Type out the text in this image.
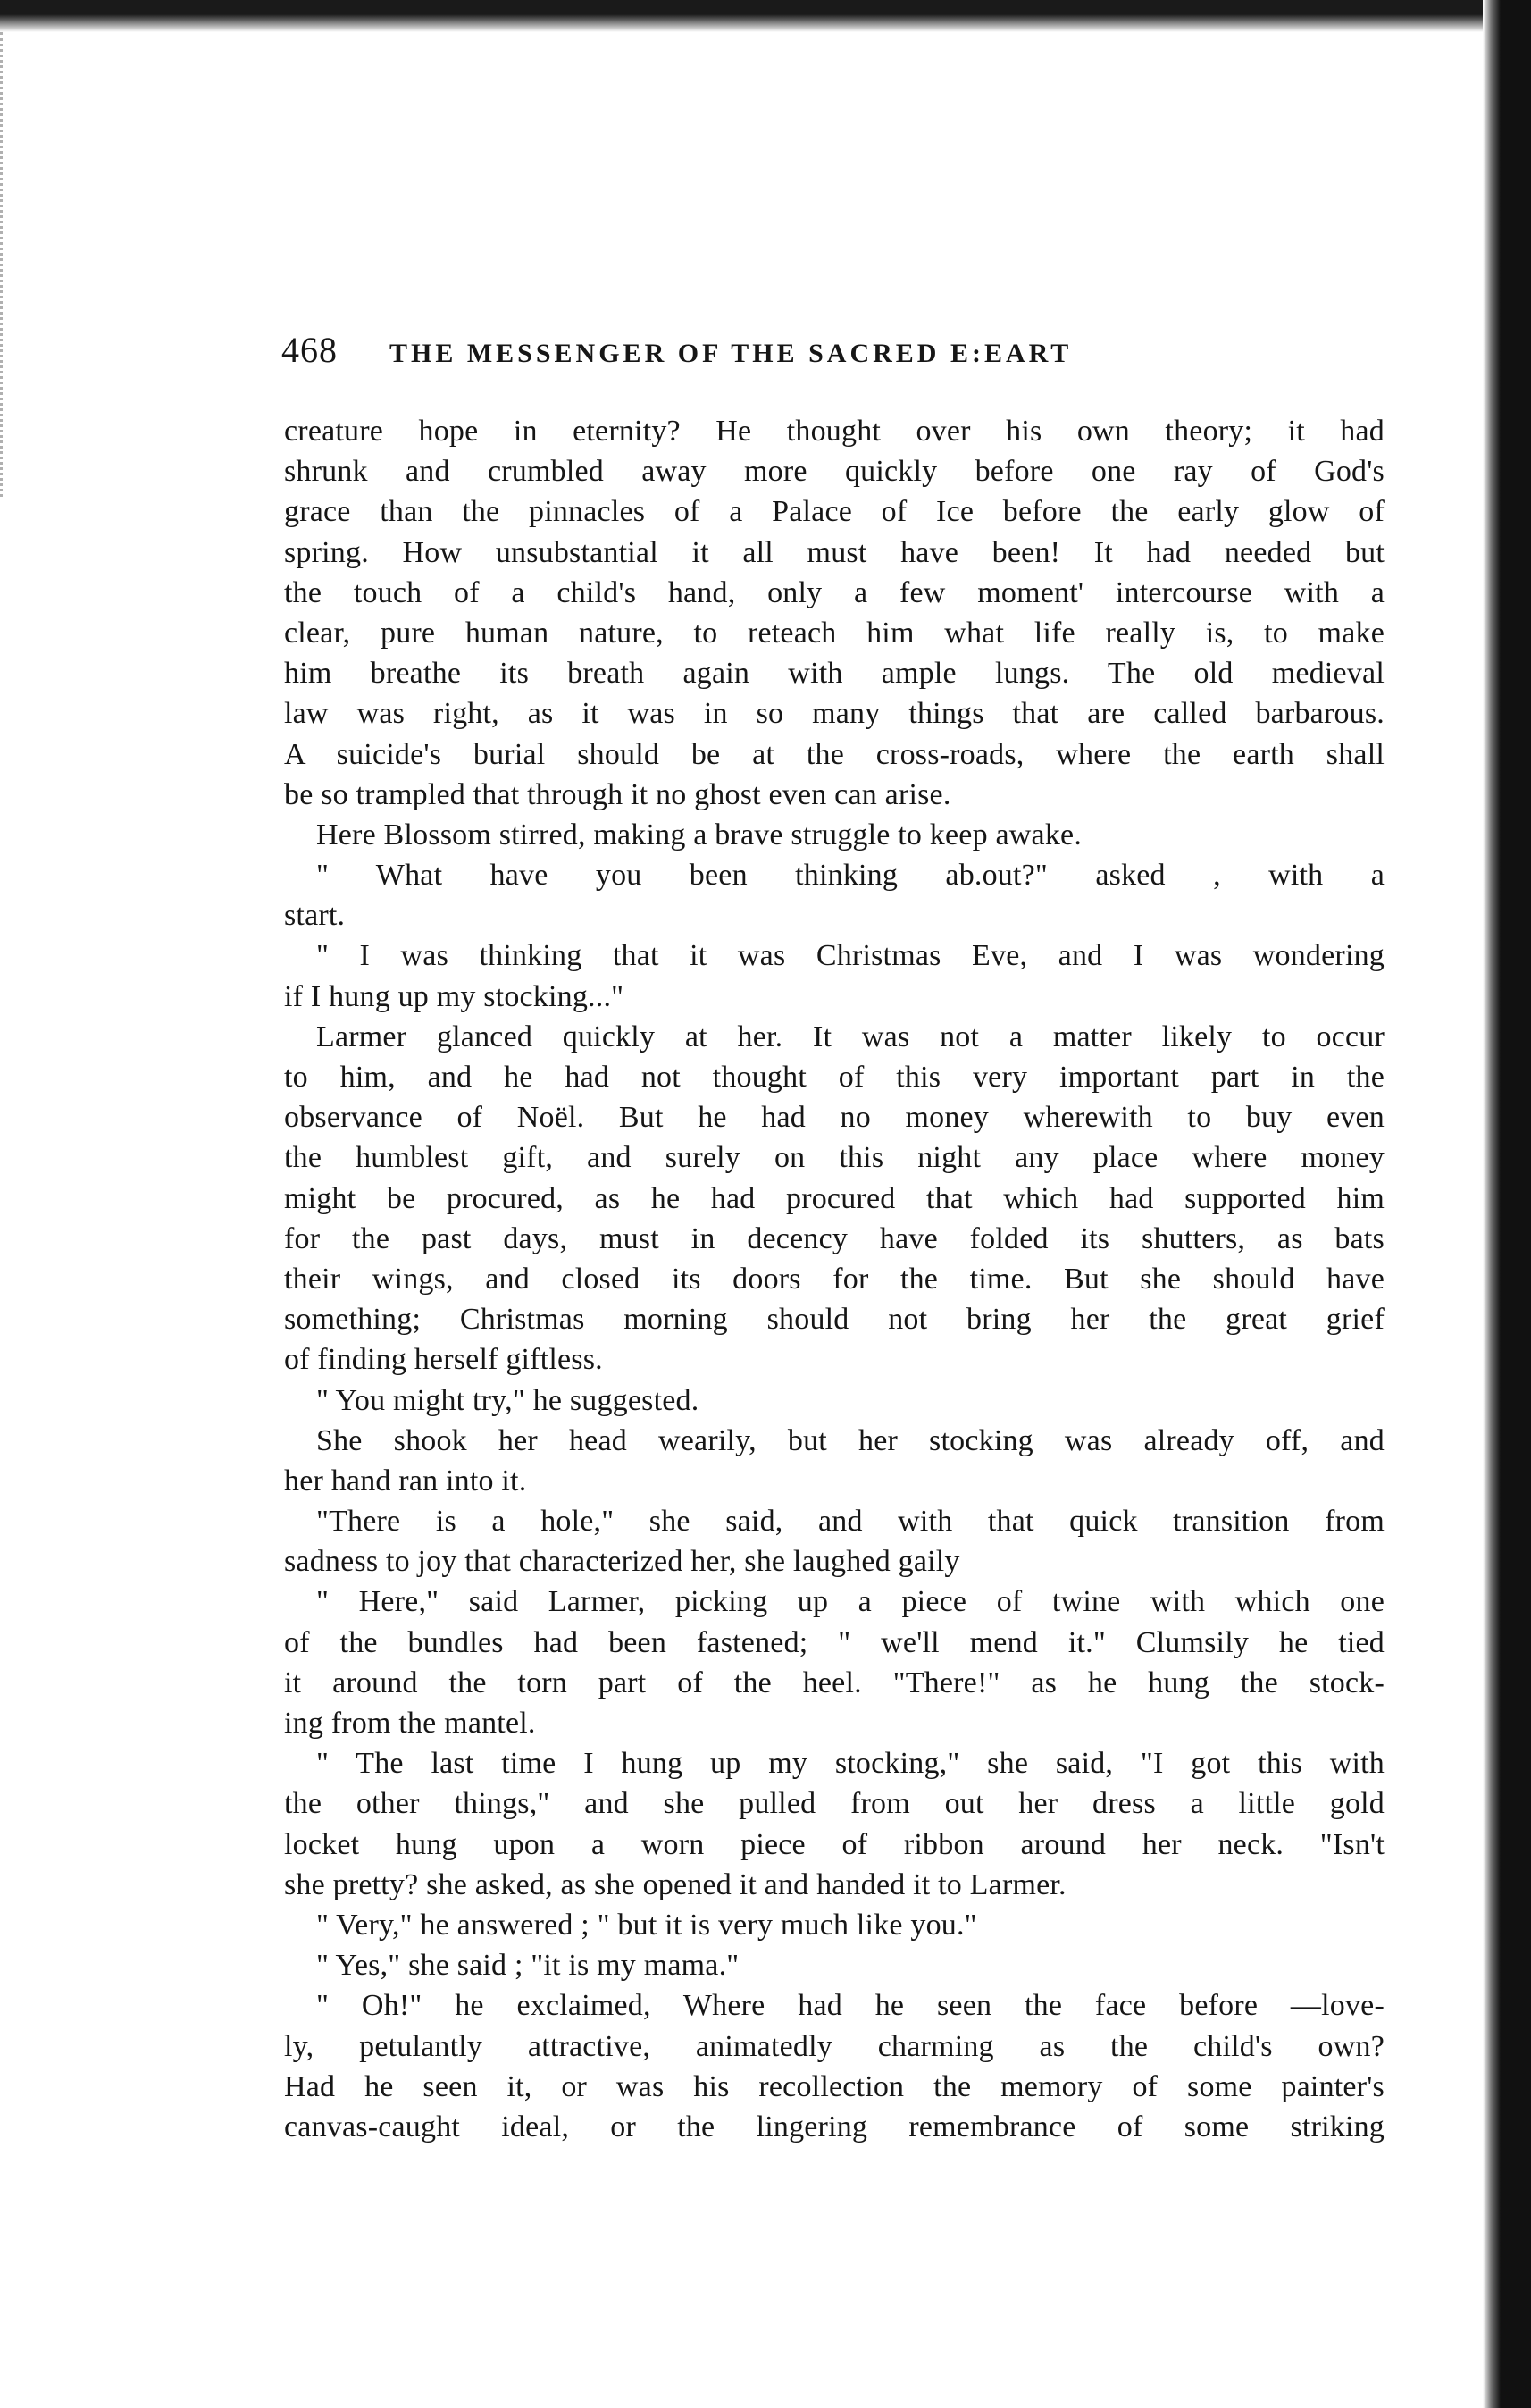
468 THE MESSENGER OF THE SACRED E:EART
creature hope in eternity? He thought over his own theory; it had
shrunk and crumbled away more quickly before one ray of God's
grace than the pinnacles of a Palace of Ice before the early glow of
spring. How unsubstantial it all must have been! It had needed but
the touch of a child's hand, only a few moment' intercourse with a
clear, pure human nature, to reteach him what life really is, to make
him breathe its breath again with ample lungs. The old medieval
law was right, as it was in so many things that are called barbarous.
A suicide's burial should be at the cross-roads, where the earth shall
be so trampled that through it no ghost even can arise.
Here Blossom stirred, making a brave struggle to keep awake.
" What have you been thinking ab.out?" asked , with a
start.
" I was thinking that it was Christmas Eve, and I was wondering
if I hung up my stocking..."
Larmer glanced quickly at her. It was not a matter likely to occur
to him, and he had not thought of this very important part in the
observance of Noël. But he had no money wherewith to buy even
the humblest gift, and surely on this night any place where money
might be procured, as he had procured that which had supported him
for the past days, must in decency have folded its shutters, as bats
their wings, and closed its doors for the time. But she should have
something; Christmas morning should not bring her the great grief
of finding herself giftless.
" You might try," he suggested.
She shook her head wearily, but her stocking was already off, and
her hand ran into it.
"There is a hole," she said, and with that quick transition from
sadness to joy that characterized her, she laughed gaily
" Here," said Larmer, picking up a piece of twine with which one
of the bundles had been fastened; " we'll mend it." Clumsily he tied
it around the torn part of the heel. "There!" as he hung the stock-
ing from the mantel.
" The last time I hung up my stocking," she said, "I got this with
the other things," and she pulled from out her dress a little gold
locket hung upon a worn piece of ribbon around her neck. "Isn't
she pretty? she asked, as she opened it and handed it to Larmer.
" Very," he answered ; " but it is very much like you."
" Yes," she said ; "it is my mama."
" Oh!" he exclaimed, Where had he seen the face before —love-
ly, petulantly attractive, animatedly charming as the child's own?
Had he seen it, or was his recollection the memory of some painter's
canvas-caught ideal, or the lingering remembrance of some striking
